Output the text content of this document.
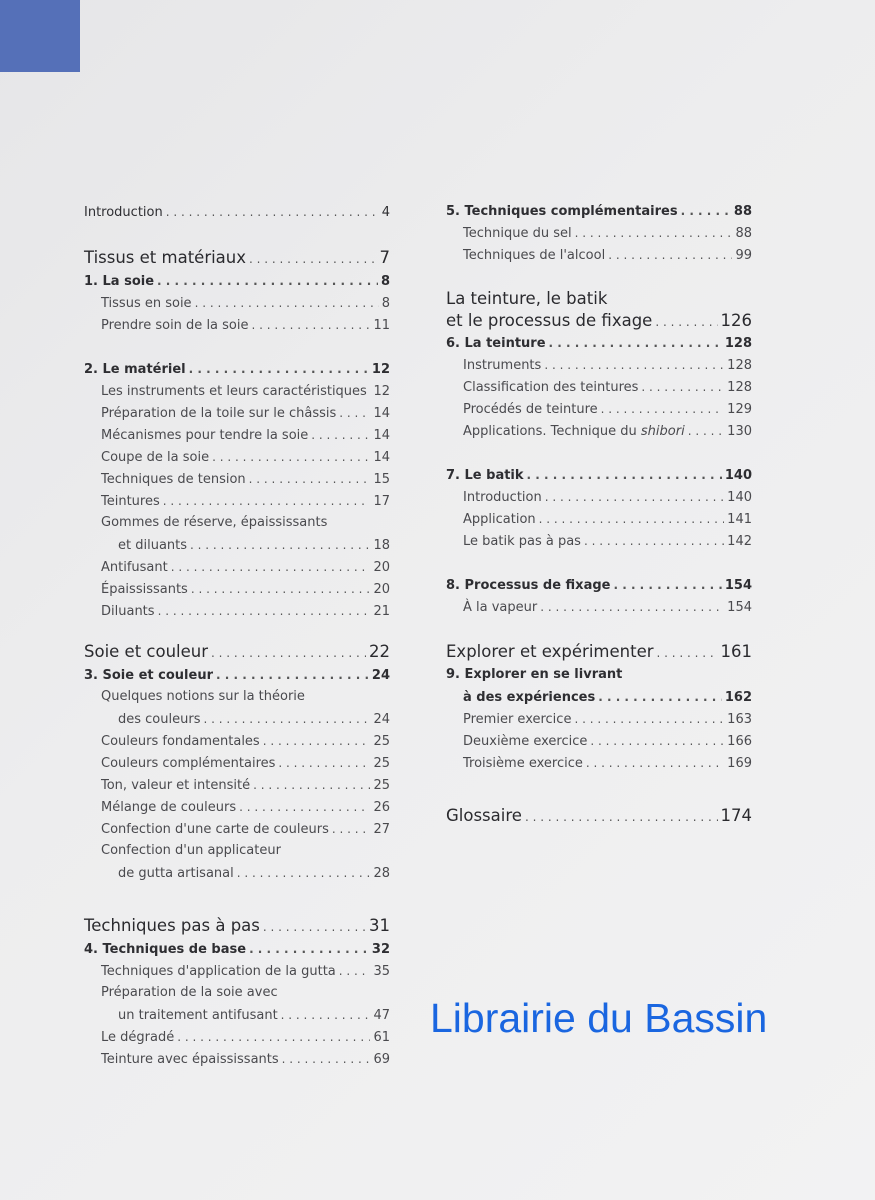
Introduction . . .	4
Tissus et matériaux . . .	7
1. La soie . . .	8
Tissus en soie . . .	8
Prendre soin de la soie . . .	11
2. Le matériel . . .	12
Les instruments et leurs caractéristiques . . . 12
Préparation de la toile sur le châssis . . .	14
Mécanismes pour tendre la soie . . .	14
Coupe de la soie . . .	14
Techniques de tension . . .	15
Teintures . . .	17
Gommes de réserve, épaississants
et diluants . . .	18
Antifusant . . .	20
Épaississants . . .	20
Diluants . . .	21
Soie et couleur . . .	22
3. Soie et couleur . . .	24
Quelques notions sur la théorie
des couleurs . . .	24
Couleurs fondamentales . . .	25
Couleurs complémentaires . . .	25
Ton, valeur et intensité . . .	25
Mélange de couleurs . . .	26
Confection d'une carte de couleurs . . .	27
Confection d'un applicateur
de gutta artisanal . . .	28
Techniques pas à pas . . .	31
4. Techniques de base . . .	32
Techniques d'application de la gutta . . .	35
Préparation de la soie avec
un traitement antifusant . . .	47
Le dégradé . . .	61
Teinture avec épaississants . . .	69
5. Techniques complémentaires . . .	88
Technique du sel . . .	88
Techniques de l'alcool . . .	99
La teinture, le batik
et le processus de fixage . . .	126
6. La teinture . . .	128
Instruments . . .	128
Classification des teintures . . .	128
Procédés de teinture . . .	129
Applications. Technique du shibori . . .	130
7. Le batik . . .	140
Introduction . . .	140
Application . . .	141
Le batik pas à pas . . .	142
8. Processus de fixage . . .	154
À la vapeur . . .	154
Explorer et expérimenter . . .	161
9. Explorer en se livrant
à des expériences . . .	162
Premier exercice . . .	163
Deuxième exercice . . .	166
Troisième exercice . . .	169
Glossaire . . .	174
Librairie du Bassin
